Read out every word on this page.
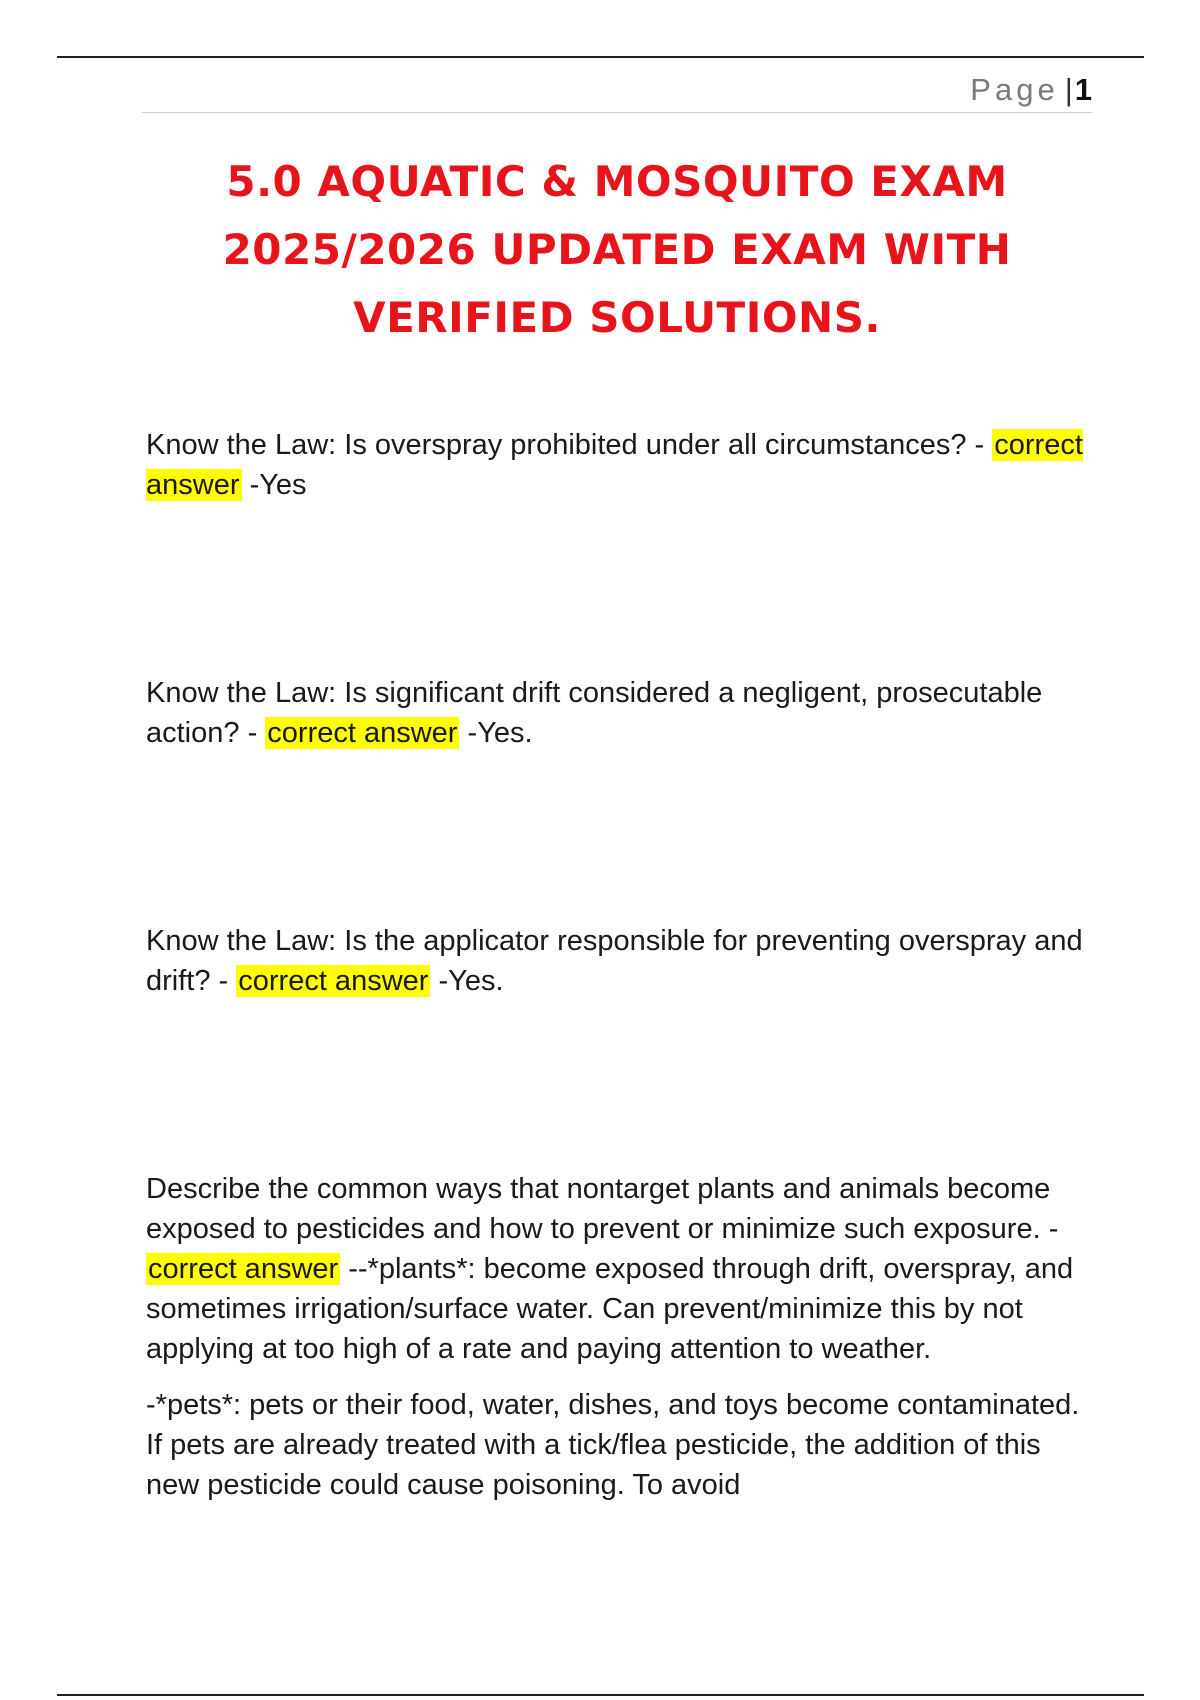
Page |1
5.0 AQUATIC & MOSQUITO EXAM 2025/2026 UPDATED EXAM WITH VERIFIED SOLUTIONS.

Know the Law: Is overspray prohibited under all circumstances? - correct answer -Yes

Know the Law: Is significant drift considered a negligent, prosecutable action? - correct answer -Yes.

Know the Law: Is the applicator responsible for preventing overspray and drift? - correct answer -Yes.

Describe the common ways that nontarget plants and animals become exposed to pesticides and how to prevent or minimize such exposure. - correct answer --*plants*: become exposed through drift, overspray, and sometimes irrigation/surface water. Can prevent/minimize this by not applying at too high of a rate and paying attention to weather.

-*pets*: pets or their food, water, dishes, and toys become contaminated. If pets are already treated with a tick/flea pesticide, the addition of this new pesticide could cause poisoning. To avoid
